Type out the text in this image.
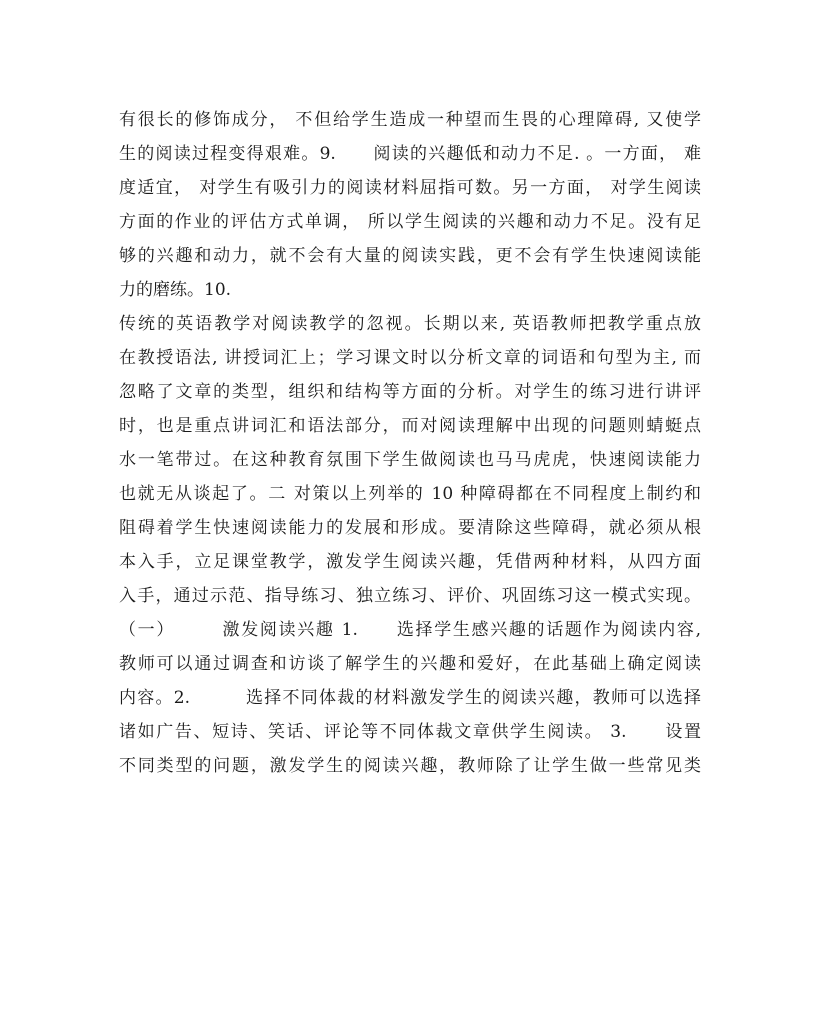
有很长的修饰成分， 不但给学生造成一种望而生畏的心理障碍, 又使学
生的阅读过程变得艰难。9.　　阅读的兴趣低和动力不足. 。一方面， 难
度适宜， 对学生有吸引力的阅读材料屈指可数。另一方面， 对学生阅读
方面的作业的评估方式单调， 所以学生阅读的兴趣和动力不足。没有足
够的兴趣和动力，就不会有大量的阅读实践，更不会有学生快速阅读能
力的磨练。10.
传统的英语教学对阅读教学的忽视。长期以来, 英语教师把教学重点放
在教授语法, 讲授词汇上；学习课文时以分析文章的词语和句型为主, 而
忽略了文章的类型，组织和结构等方面的分析。对学生的练习进行讲评
时，也是重点讲词汇和语法部分，而对阅读理解中出现的问题则蜻蜓点
水一笔带过。在这种教育氛围下学生做阅读也马马虎虎，快速阅读能力
也就无从谈起了。二 对策以上列举的 10 种障碍都在不同程度上制约和
阻碍着学生快速阅读能力的发展和形成。要清除这些障碍，就必须从根
本入手，立足课堂教学，激发学生阅读兴趣，凭借两种材料，从四方面
入手，通过示范、指导练习、独立练习、评价、巩固练习这一模式实现。
（一）　　　激发阅读兴趣 1.　　选择学生感兴趣的话题作为阅读内容,
教师可以通过调查和访谈了解学生的兴趣和爱好，在此基础上确定阅读
内容。2.　　　选择不同体裁的材料激发学生的阅读兴趣，教师可以选择
诸如广告、短诗、笑话、评论等不同体裁文章供学生阅读。 3.　　设置
不同类型的问题，激发学生的阅读兴趣，教师除了让学生做一些常见类
